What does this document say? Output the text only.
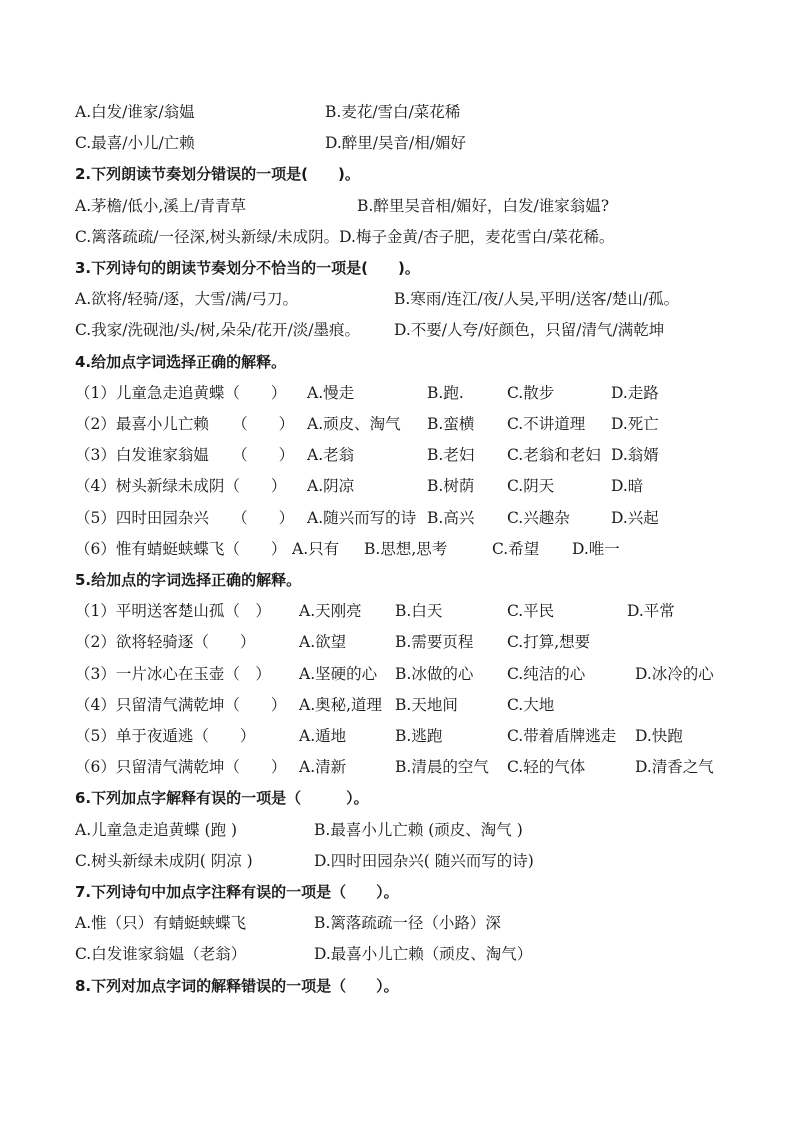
A.白发/谁家/翁媪	B.麦花/雪白/菜花稀
C.最喜/小儿/亡赖	D.醉里/吴音/相/媚好
2.下列朗读节奏划分错误的一项是(　　)。
A.茅檐/低小,溪上/青青草	B.醉里吴音相/媚好，白发/谁家翁媪?
C.篱落疏疏/一径深,树头新绿/未成阴。D.梅子金黄/杏子肥，麦花雪白/菜花稀。
3.下列诗句的朗读节奏划分不恰当的一项是(　　)。
A.欲将/轻骑/逐，大雪/满/弓刀。	B.寒雨/连江/夜/人吴,平明/送客/楚山/孤。
C.我家/洗砚池/头/树,朵朵/花开/淡/墨痕。 D.不要/人夸/好颜色，只留/清气/满乾坤
4.给加点字词选择正确的解释。
（1）儿童急走追黄蝶（　　） A.慢走	B.跑.	C.散步	D.走路
（2）最喜小儿亡赖　　（　　） A.顽皮、淘气 B.蛮横 C.不讲道理 D.死亡
（3）白发谁家翁媪　　（　　） A.老翁	B.老妇 C.老翁和老妇 D.翁婿
（4）树头新绿未成阴（　　） A.阴凉	B.树荫 C.阴天	D.暗
（5）四时田园杂兴　　（　　） A.随兴而写的诗 B.高兴 C.兴趣杂	D.兴起
（6）惟有蜻蜓蛱蝶飞（　　） A.只有 B.思想,思考	C.希望 D.唯一
5.给加点的字词选择正确的解释。
（1）平明送客楚山孤（　） A.天刚亮 B.白天	C.平民	D.平常
（2）欲将轻骑逐（　　）	A.欲望	B.需要页程 C.打算,想要
（3）一片冰心在玉壶（　） A.坚硬的心 B.冰做的心 C.纯洁的心	D.冰冷的心
（4）只留清气满乾坤（　　） A.奥秘,道理 B.天地间	C.大地
（5）单于夜遁逃（　　）	A.遁地	B.逃跑	C.带着盾牌逃走 D.快跑
（6）只留清气满乾坤（　　） A.清新	B.清晨的空气 C.轻的气体	D.清香之气
6.下列加点字解释有误的一项是（　　　）。
A.儿童急走追黄蝶 (跑 )	B.最喜小儿亡赖 (顽皮、淘气 )
C.树头新绿未成阴( 阴凉 )	D.四时田园杂兴( 随兴而写的诗)
7.下列诗句中加点字注释有误的一项是（　　）。
A.惟（只）有蜻蜓蛱蝶飞	B.篱落疏疏一径（小路）深
C.白发谁家翁媪（老翁）	D.最喜小儿亡赖（顽皮、淘气）
8.下列对加点字词的解释错误的一项是（　　）。
